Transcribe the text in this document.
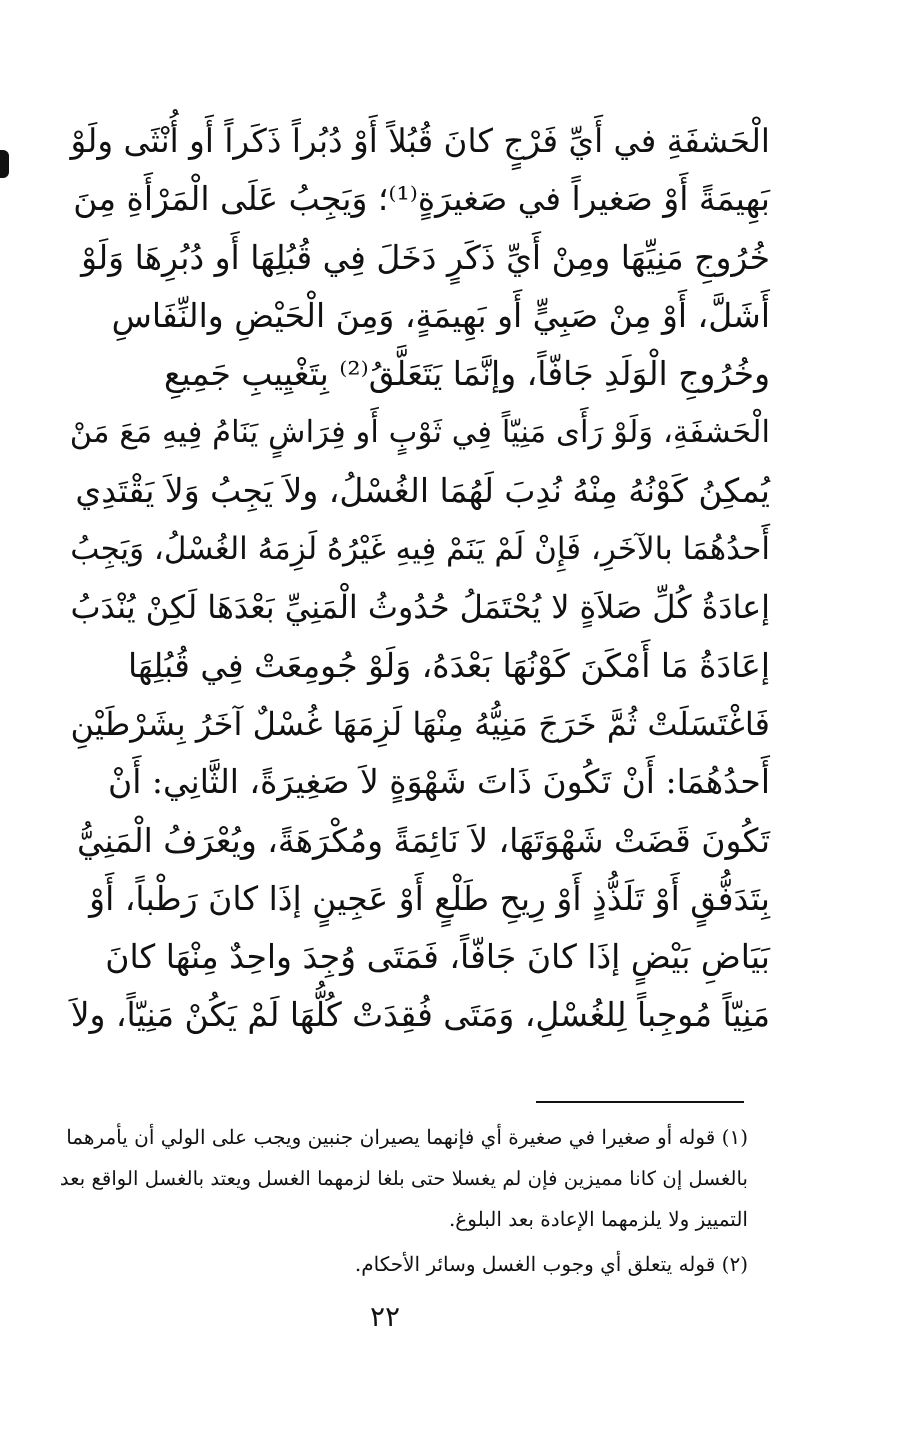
الْحَشفَةِ في أَيِّ فَرْجٍ كانَ قُبُلاً أَوْ دُبُراً ذَكَراً أَو أُنْثَى ولَوْ
بَهِيمَةً أَوْ صَغيراً في صَغيرَةٍ⁽¹⁾؛ وَيَجِبُ عَلَى الْمَرْأَةِ مِنَ
خُرُوجِ مَنِيِّهَا ومِنْ أَيِّ ذَكَرٍ دَخَلَ فِي قُبُلِهَا أَو دُبُرِهَا وَلَوْ
أَشَلَّ، أَوْ مِنْ صَبِيٍّ أَو بَهِيمَةٍ، وَمِنَ الْحَيْضِ والنِّفَاسِ
وخُرُوجِ الْوَلَدِ جَافّاً، وإنَّمَا يَتَعَلَّقُ⁽²⁾ بِتَغْيِيبِ جَمِيعِ
الْحَشفَةِ، وَلَوْ رَأَى مَنِيّاً فِي ثَوْبٍ أَو فِرَاشٍ يَنَامُ فِيهِ مَعَ مَنْ
يُمكِنُ كَوْنُهُ مِنْهُ نُدِبَ لَهُمَا الغُسْلُ، ولاَ يَجِبُ وَلاَ يَقْتَدِي
أَحدُهُمَا بالآخَرِ، فَإِنْ لَمْ يَنَمْ فِيهِ غَيْرُهُ لَزِمَهُ الغُسْلُ، وَيَجِبُ
إعادَةُ كُلِّ صَلاَةٍ لا يُحْتَمَلُ حُدُوثُ الْمَنِيِّ بَعْدَهَا لَكِنْ يُنْدَبُ
إعَادَةُ مَا أَمْكَنَ كَوْنُهَا بَعْدَهُ، وَلَوْ جُومِعَتْ فِي قُبُلِهَا
فَاغْتَسَلَتْ ثُمَّ خَرَجَ مَنِيُّهُ مِنْهَا لَزِمَهَا غُسْلٌ آخَرُ بِشَرْطَيْنِ
أَحدُهُمَا: أَنْ تَكُونَ ذَاتَ شَهْوَةٍ لاَ صَغِيرَةً، الثَّانِي: أَنْ
تَكُونَ قَضَتْ شَهْوَتَهَا، لاَ نَائِمَةً ومُكْرَهَةً، ويُعْرَفُ الْمَنِيُّ
بِتَدَفُّقٍ أَوْ تَلَذُّذٍ أَوْ رِيحِ طَلْعٍ أَوْ عَجِينٍ إذَا كانَ رَطْباً، أَوْ
بَيَاضِ بَيْضٍ إذَا كانَ جَافّاً، فَمَتَى وُجِدَ واحِدٌ مِنْهَا كانَ
مَنِيّاً مُوجِباً لِلغُسْلِ، وَمَتَى فُقِدَتْ كُلُّهَا لَمْ يَكُنْ مَنِيّاً، ولاَ
(١) قوله أو صغيرا في صغيرة أي فإنهما يصيران جنبين ويجب على الولي أن يأمرهما
بالغسل إن كانا مميزين فإن لم يغسلا حتى بلغا لزمهما الغسل ويعتد بالغسل الواقع بعد
التمييز ولا يلزمهما الإعادة بعد البلوغ.
(٢) قوله يتعلق أي وجوب الغسل وسائر الأحكام.
٢٢
